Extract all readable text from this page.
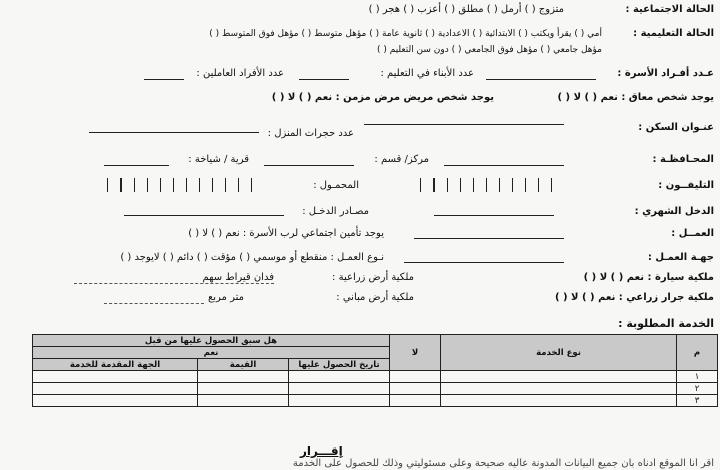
الحالة الاجتماعية :
متزوج ( ) أرمل ( ) مطلق ( ) أعزب ( ) هجر ( )
الحالة التعليمية :
أمي ( ) يقرأ ويكتب ( ) الابتدائية ( ) الاعدادية ( ) ثانوية عامة ( ) مؤهل متوسط ( ) مؤهل فوق المتوسط ( )
مؤهل جامعي ( ) مؤهل فوق الجامعي ( ) دون سن التعليم ( )
عـدد أفـراد الأسرة :
عدد الأبناء في التعليم :
عدد الأفراد العاملين :
يوجد شخص معاق : نعم ( ) لا ( )
يوجد شخص مريض مرض مزمن : نعم ( ) لا ( )
عنـوان السكن :
عدد حجرات المنزل :
المحـافظـة :
مركز/ قسم :
قرية / شياخة :
التليفــون :
المحمـول :
الدخل الشهري :
مصـادر الدخـل :
العمــل :
يوجد تأمين اجتماعي لرب الأسرة : نعم ( ) لا ( )
جهـة العمـل :
نـوع العمـل : منقطع أو موسمي ( ) مؤقت ( ) دائم ( ) لايوجد ( )
ملكية سيارة : نعم ( ) لا ( )
ملكية أرض زراعية :
فدان قيراط سهم
ملكية جرار زراعي : نعم ( ) لا ( )
ملكية أرض مباني :
متر مربع
الخدمة المطلوبة :
م	نوع الخدمة	لا	هل سبق الحصول عليها من قبل		
			نعم		
			تاريخ الحصول عليها	القيمة	الجهة المقدمة للخدمة
١					
٢					
٣					
إقـــرار
أقر أنا الموقع أدناه بأن جميع البيانات المدونة عاليه صحيحة وعلى مسئوليتي وذلك للحصول على الخدمة
